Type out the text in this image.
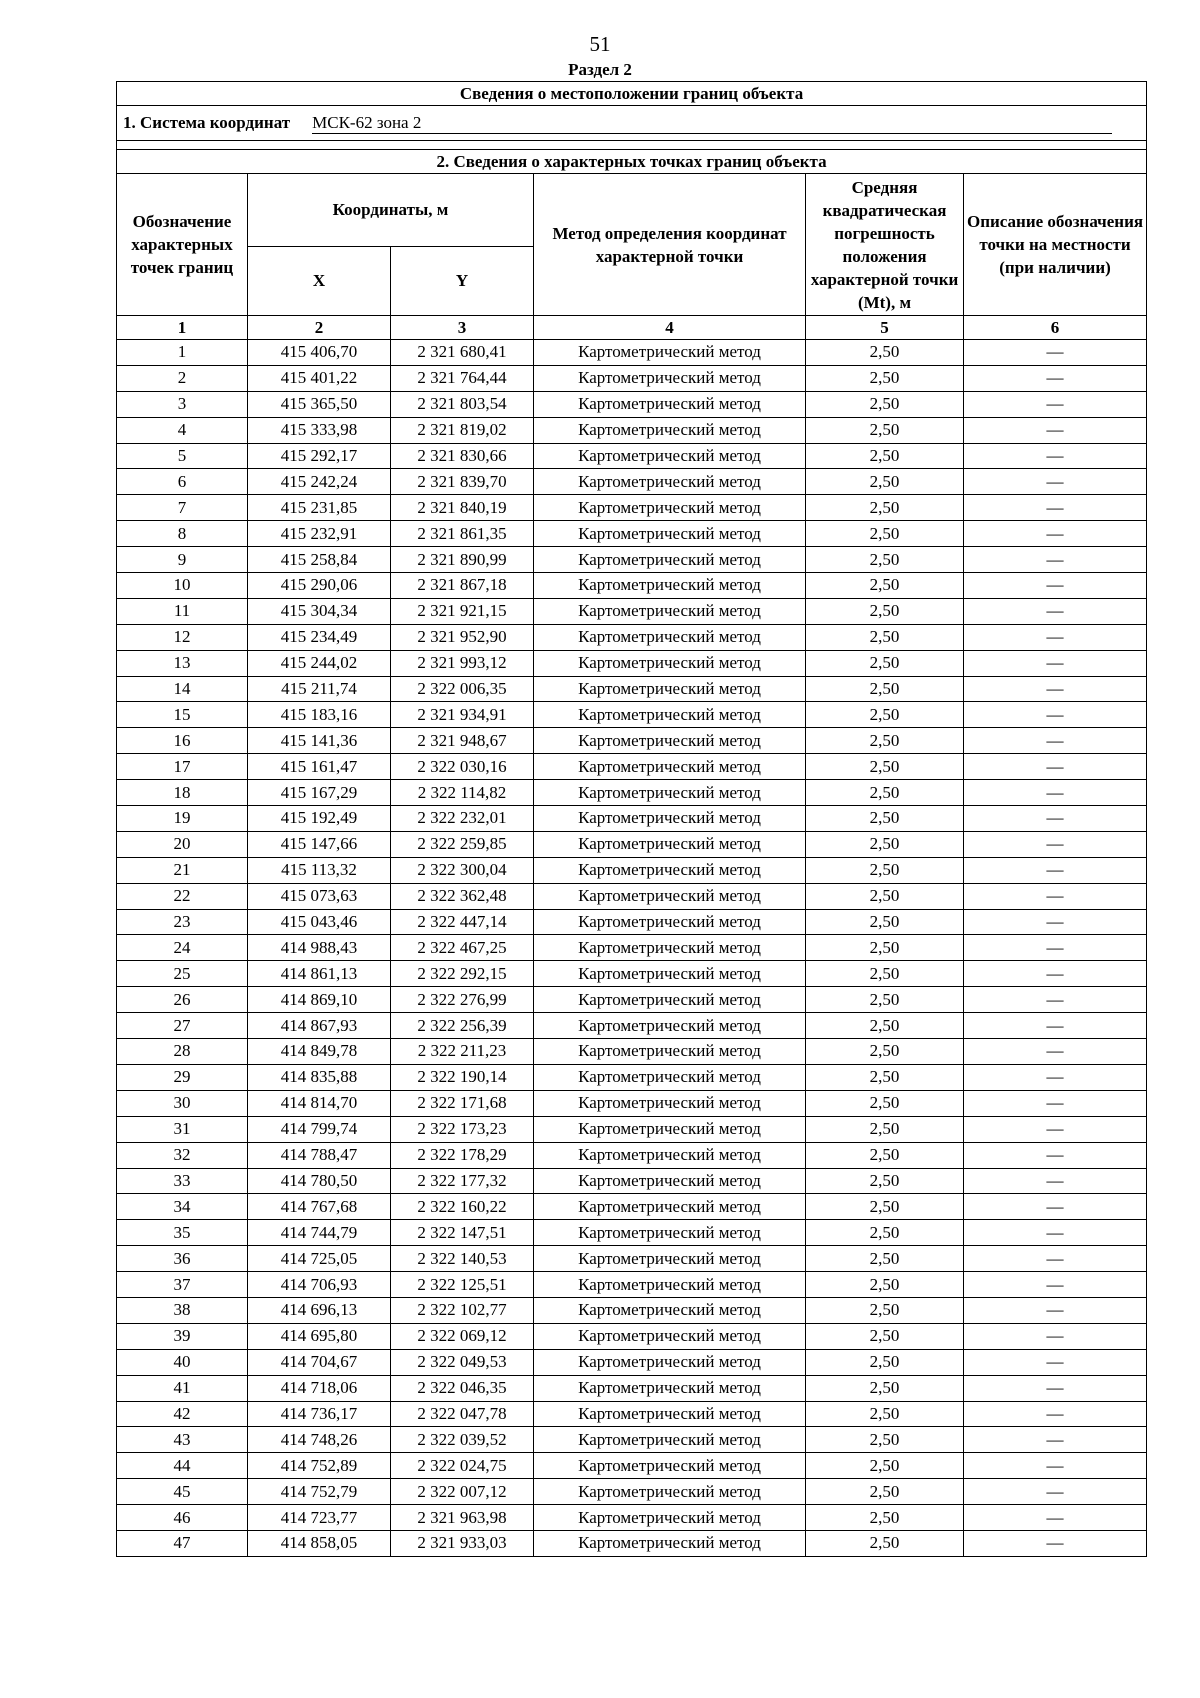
51
Раздел 2
Сведения о местоположении границ объекта					
1. Система координат МСК-62 зона 2					

2. Сведения о характерных точках границ объекта					
Обозначение характерных точек границ	Координаты, м		Метод определения координат характерной точки	Средняя квадратическая погрешность положения характерной точки (Mt), м	Описание обозначения точки на местности (при наличии)
	X	Y			
1	2	3	4	5	6
1	415 406,70	2 321 680,41	Картометрический метод	2,50	—
2	415 401,22	2 321 764,44	Картометрический метод	2,50	—
3	415 365,50	2 321 803,54	Картометрический метод	2,50	—
4	415 333,98	2 321 819,02	Картометрический метод	2,50	—
5	415 292,17	2 321 830,66	Картометрический метод	2,50	—
6	415 242,24	2 321 839,70	Картометрический метод	2,50	—
7	415 231,85	2 321 840,19	Картометрический метод	2,50	—
8	415 232,91	2 321 861,35	Картометрический метод	2,50	—
9	415 258,84	2 321 890,99	Картометрический метод	2,50	—
10	415 290,06	2 321 867,18	Картометрический метод	2,50	—
11	415 304,34	2 321 921,15	Картометрический метод	2,50	—
12	415 234,49	2 321 952,90	Картометрический метод	2,50	—
13	415 244,02	2 321 993,12	Картометрический метод	2,50	—
14	415 211,74	2 322 006,35	Картометрический метод	2,50	—
15	415 183,16	2 321 934,91	Картометрический метод	2,50	—
16	415 141,36	2 321 948,67	Картометрический метод	2,50	—
17	415 161,47	2 322 030,16	Картометрический метод	2,50	—
18	415 167,29	2 322 114,82	Картометрический метод	2,50	—
19	415 192,49	2 322 232,01	Картометрический метод	2,50	—
20	415 147,66	2 322 259,85	Картометрический метод	2,50	—
21	415 113,32	2 322 300,04	Картометрический метод	2,50	—
22	415 073,63	2 322 362,48	Картометрический метод	2,50	—
23	415 043,46	2 322 447,14	Картометрический метод	2,50	—
24	414 988,43	2 322 467,25	Картометрический метод	2,50	—
25	414 861,13	2 322 292,15	Картометрический метод	2,50	—
26	414 869,10	2 322 276,99	Картометрический метод	2,50	—
27	414 867,93	2 322 256,39	Картометрический метод	2,50	—
28	414 849,78	2 322 211,23	Картометрический метод	2,50	—
29	414 835,88	2 322 190,14	Картометрический метод	2,50	—
30	414 814,70	2 322 171,68	Картометрический метод	2,50	—
31	414 799,74	2 322 173,23	Картометрический метод	2,50	—
32	414 788,47	2 322 178,29	Картометрический метод	2,50	—
33	414 780,50	2 322 177,32	Картометрический метод	2,50	—
34	414 767,68	2 322 160,22	Картометрический метод	2,50	—
35	414 744,79	2 322 147,51	Картометрический метод	2,50	—
36	414 725,05	2 322 140,53	Картометрический метод	2,50	—
37	414 706,93	2 322 125,51	Картометрический метод	2,50	—
38	414 696,13	2 322 102,77	Картометрический метод	2,50	—
39	414 695,80	2 322 069,12	Картометрический метод	2,50	—
40	414 704,67	2 322 049,53	Картометрический метод	2,50	—
41	414 718,06	2 322 046,35	Картометрический метод	2,50	—
42	414 736,17	2 322 047,78	Картометрический метод	2,50	—
43	414 748,26	2 322 039,52	Картометрический метод	2,50	—
44	414 752,89	2 322 024,75	Картометрический метод	2,50	—
45	414 752,79	2 322 007,12	Картометрический метод	2,50	—
46	414 723,77	2 321 963,98	Картометрический метод	2,50	—
47	414 858,05	2 321 933,03	Картометрический метод	2,50	—
